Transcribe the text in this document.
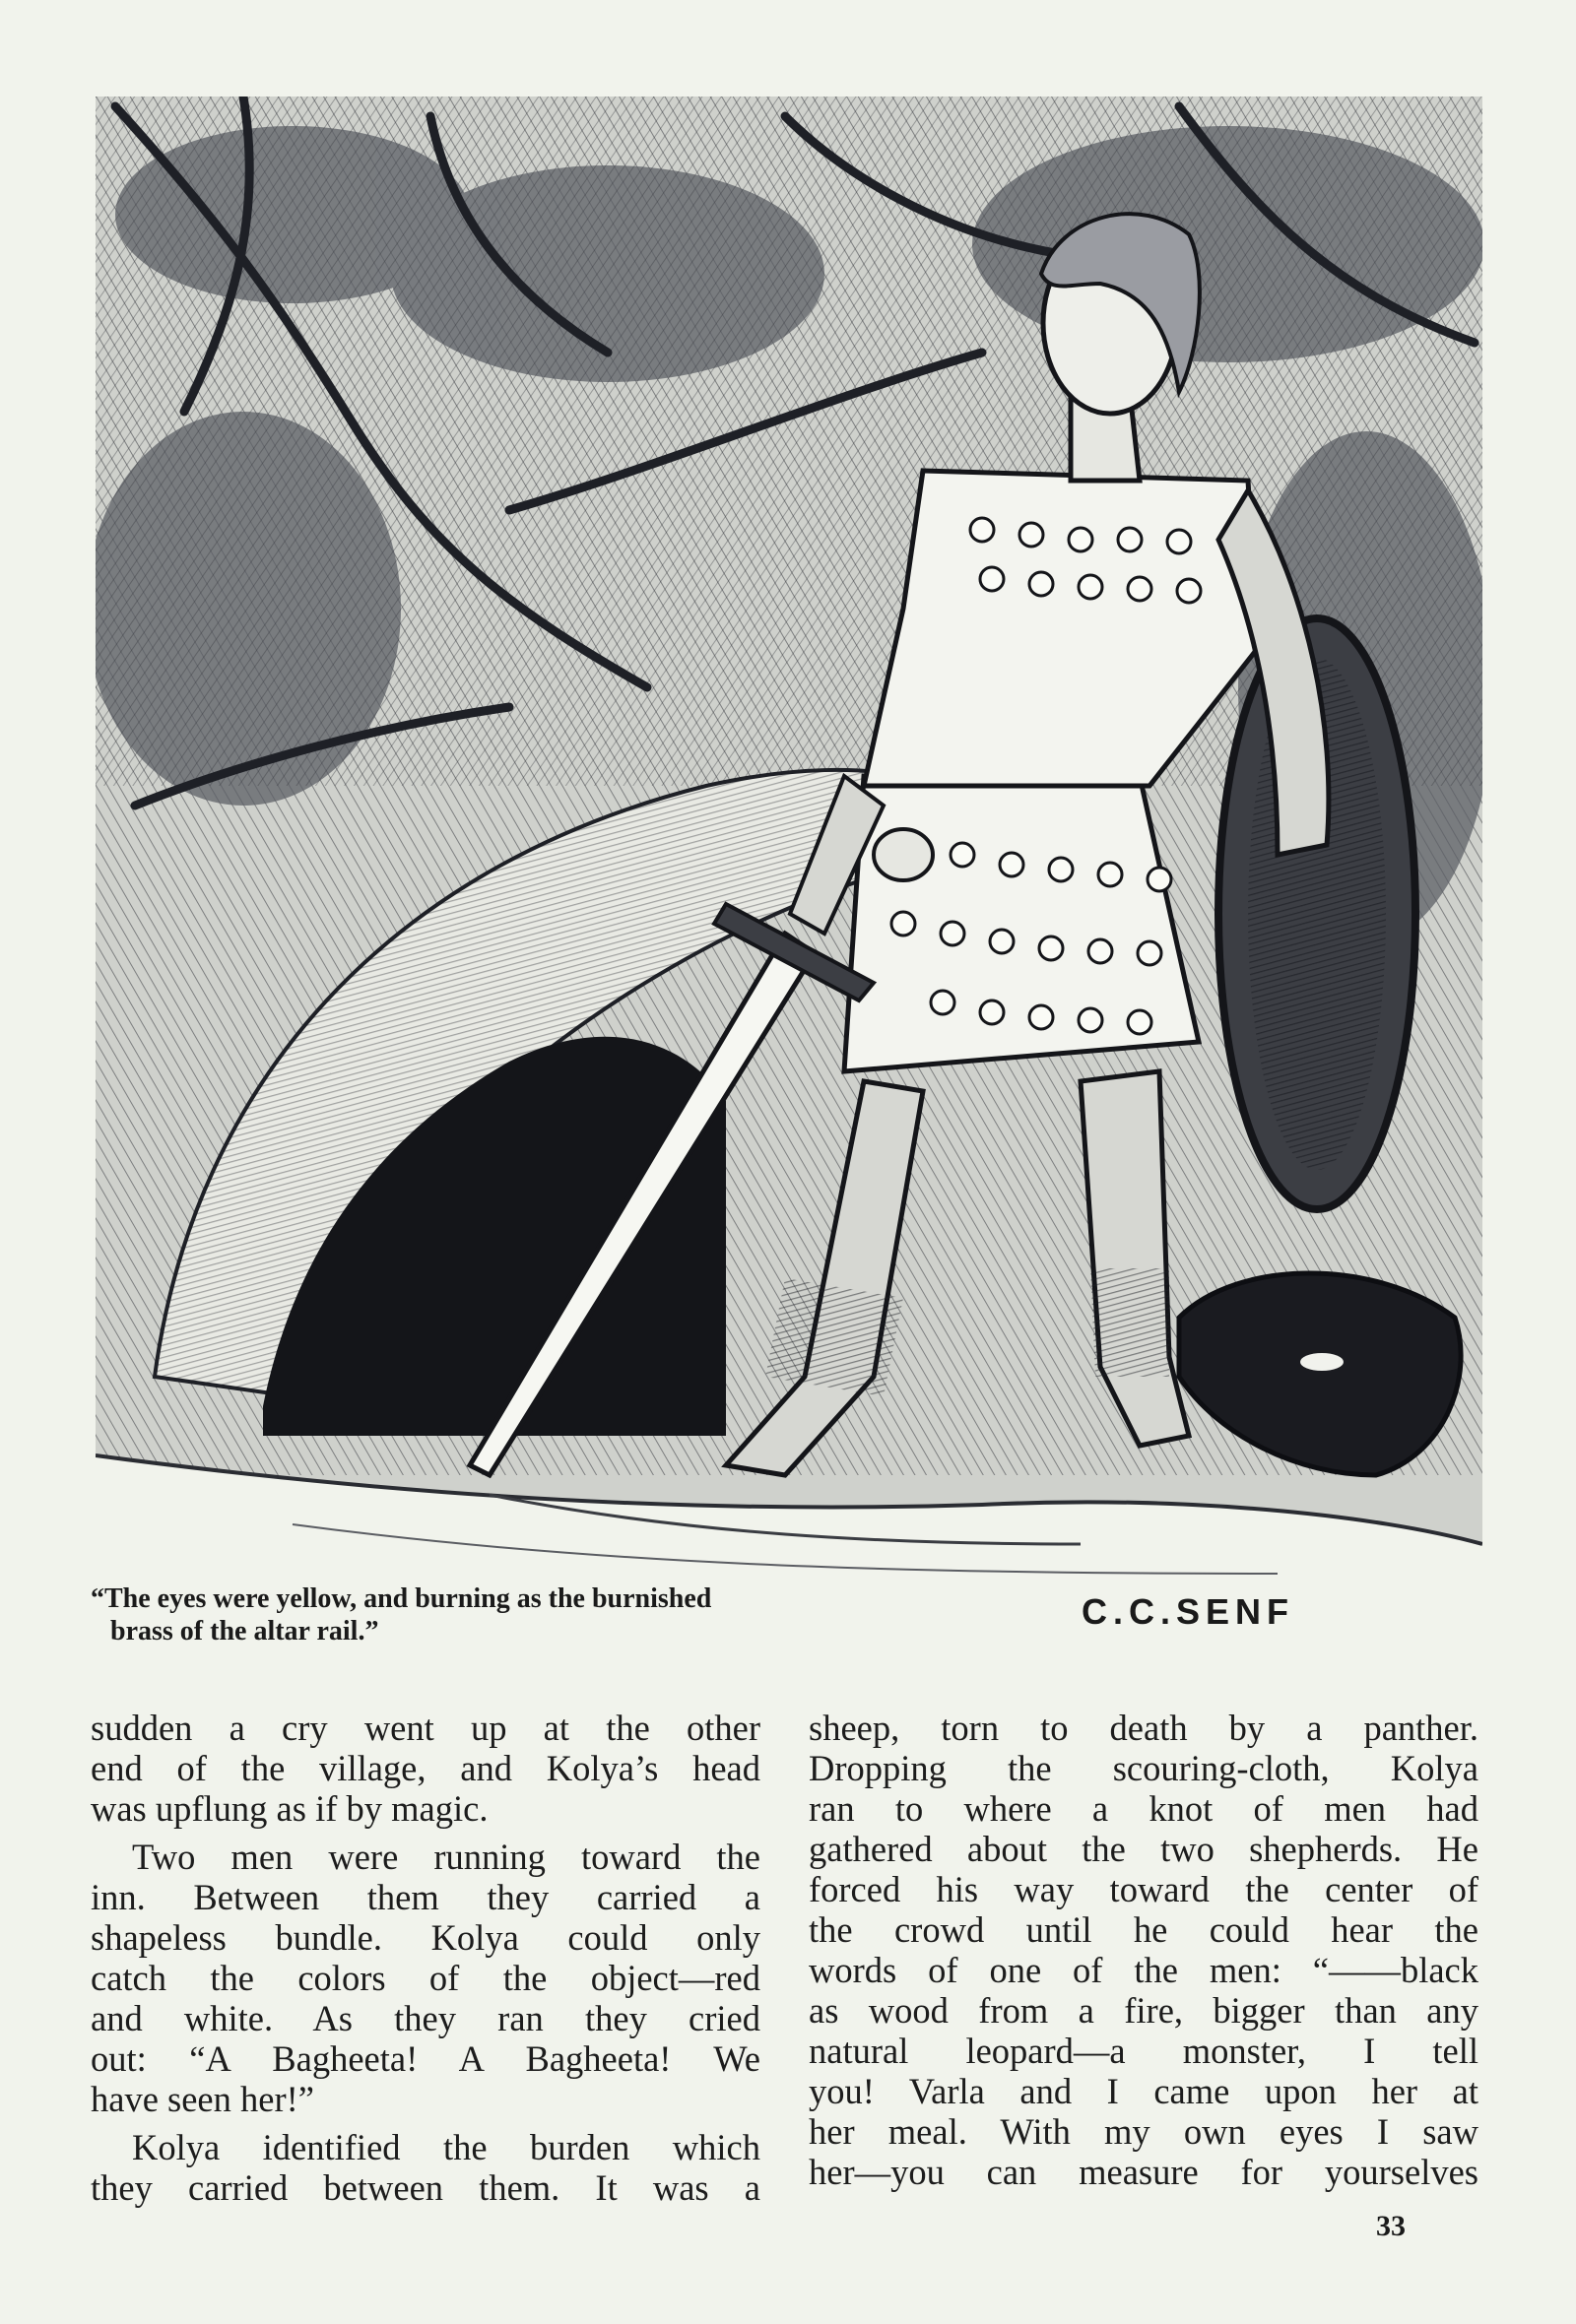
“The eyes were yellow, and burning as the burnished
brass of the altar rail.”	C.C.SENF
sudden a cry went up at the other
end of the village, and Kolya’s head
was upflung as if by magic.
Two men were running toward the
inn. Between them they carried a
shapeless bundle. Kolya could only
catch the colors of the object—red
and white. As they ran they cried
out: “A Bagheeta! A Bagheeta! We
have seen her!”
Kolya identified the burden which
they carried between them. It was a
sheep, torn to death by a panther.
Dropping the scouring-cloth, Kolya
ran to where a knot of men had
gathered about the two shepherds. He
forced his way toward the center of
the crowd until he could hear the
words of one of the men: “——black
as wood from a fire, bigger than any
natural leopard—a monster, I tell
you! Varla and I came upon her at
her meal. With my own eyes I saw
her—you can measure for yourselves
33
